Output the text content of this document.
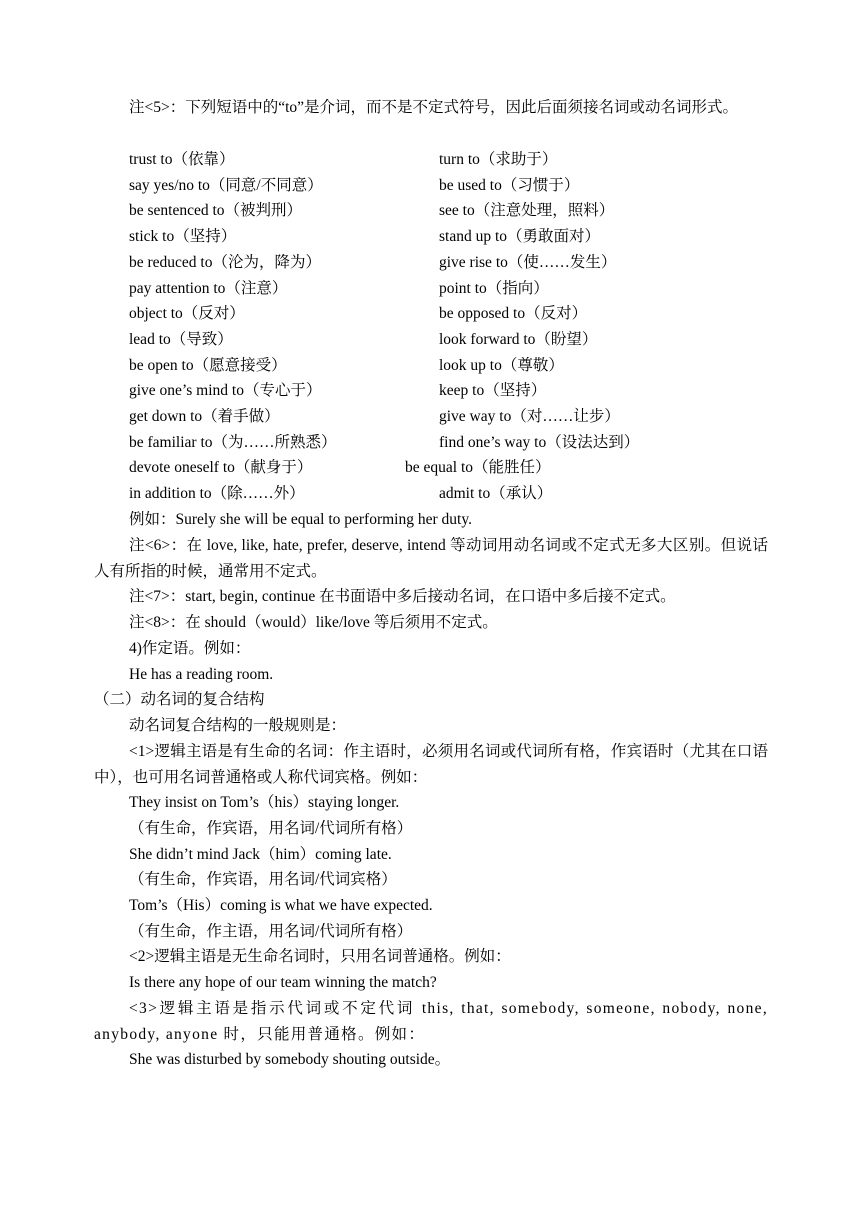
注<5>：下列短语中的“to”是介词，而不是不定式符号，因此后面须接名词或动名词形式。
trust to（依靠）	turn to（求助于）
say yes/no to（同意/不同意）	be used to（习惯于）
be sentenced to（被判刑）	see to（注意处理，照料）
stick to（坚持）	stand up to（勇敢面对）
be reduced to（沦为，降为）	give rise to（使……发生）
pay attention to（注意）	point to（指向）
object to（反对）	be opposed to（反对）
lead to（导致）	look forward to（盼望）
be open to（愿意接受）	look up to（尊敬）
give one’s mind to（专心于）	keep to（坚持）
get down to（着手做）	give way to（对……让步）
be familiar to（为……所熟悉）	find one’s way to（设法达到）
devote oneself to（献身于）	be equal to（能胜任）
in addition to（除……外）	admit to（承认）
例如：Surely she will be equal to performing her duty.
注<6>：在 love, like, hate, prefer, deserve, intend 等动词用动名词或不定式无多大区别。但说话人有所指的时候，通常用不定式。
注<7>：start, begin, continue 在书面语中多后接动名词，在口语中多后接不定式。
注<8>：在 should（would）like/love 等后须用不定式。
4)作定语。例如：
He has a reading room.
（二）动名词的复合结构
动名词复合结构的一般规则是：
<1>逻辑主语是有生命的名词：作主语时，必须用名词或代词所有格，作宾语时（尤其在口语中），也可用名词普通格或人称代词宾格。例如：
They insist on Tom’s（his）staying longer.
（有生命，作宾语，用名词/代词所有格）
She didn’t mind Jack（him）coming late.
（有生命，作宾语，用名词/代词宾格）
Tom’s（His）coming is what we have expected.
（有生命，作主语，用名词/代词所有格）
<2>逻辑主语是无生命名词时，只用名词普通格。例如：
Is there any hope of our team winning the match?
<3>逻辑主语是指示代词或不定代词 this, that, somebody, someone, nobody, none, anybody, anyone 时，只能用普通格。例如：
She was disturbed by somebody shouting outside。
